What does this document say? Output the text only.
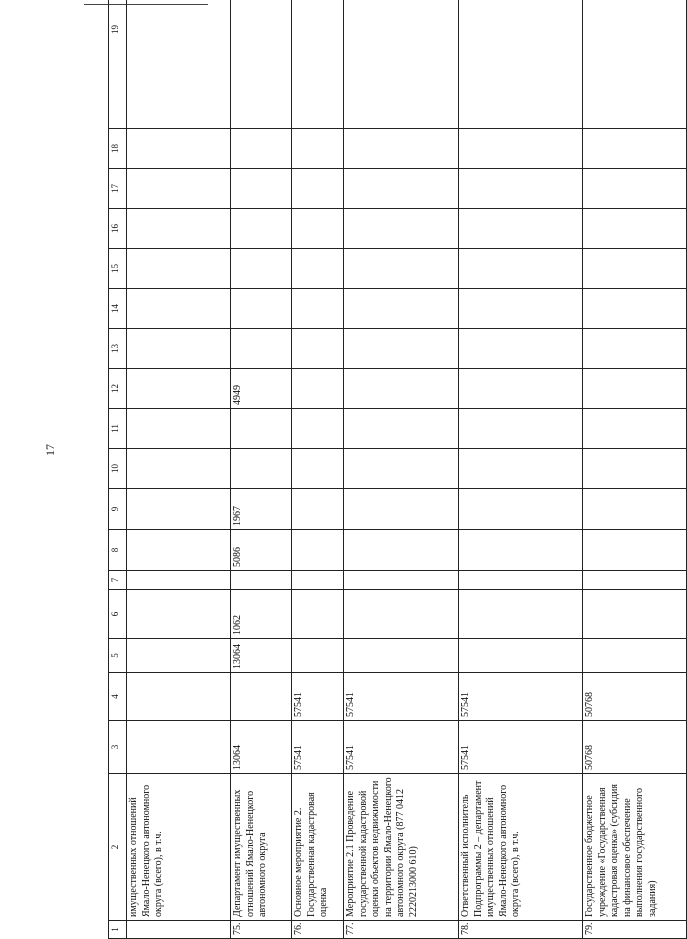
17
1	2	3	4	5	6	7	8	9	10	11	12	13	14	15	16	17	18	19
	имущественных отношений Ямало-Ненецкого автономного округа (всего), в т.ч.																	
75.	Департамент имущественных отношений Ямало-Ненецкого автономного округа	13064		13064	1062		5086	1967			4949							
76.	Основное мероприятие 2. Государственная кадастровая оценка	57541	57541															
77.	Мероприятие 2.1 Проведение государственной кадастровой оценки объектов недвижимости на территории Ямало-Ненецкого автономного округа (877 0412 2220213000 610)	57541	57541															
78.	Ответственный исполнитель Подпрограммы 2 – департамент имущественных отношений Ямало-Ненецкого автономного округа (всего), в т.ч.	57541	57541															
79.	Государственное бюджетное учреждение «Государственная кадастровая оценка» (субсидия на финансовое обеспечение выполнения государственного задания)	50768	50768															
